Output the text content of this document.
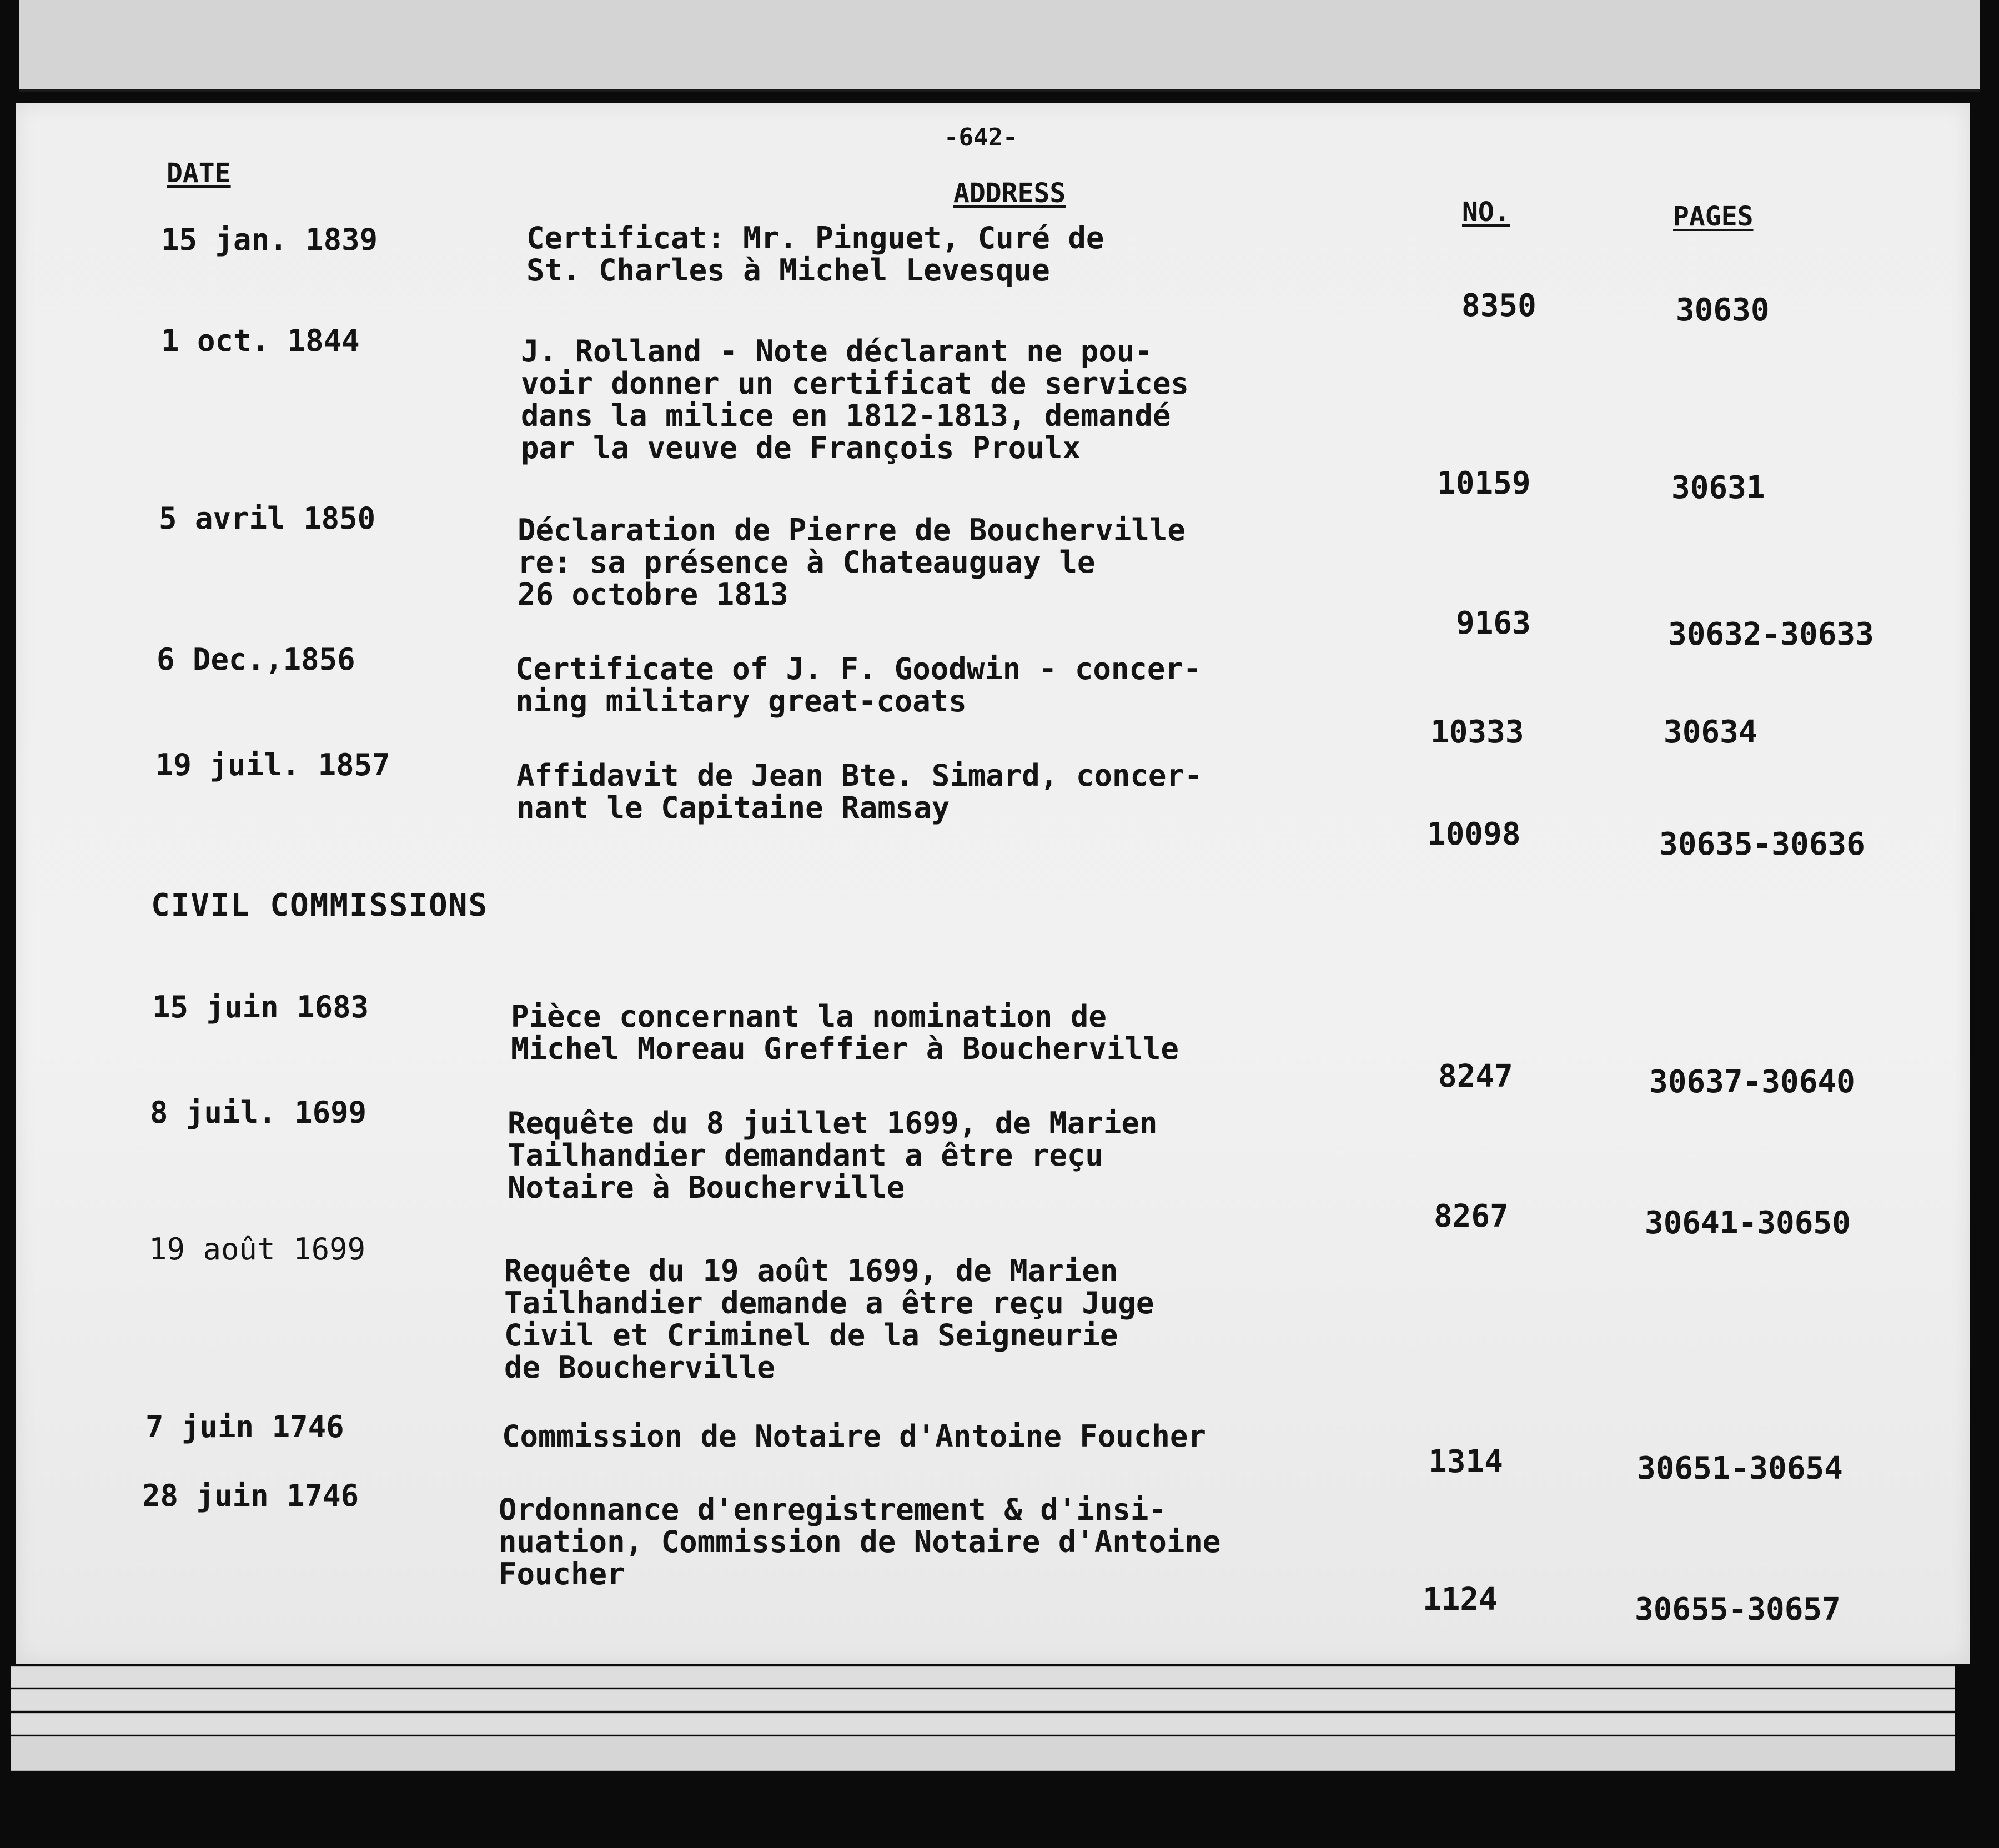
-642-
DATE
ADDRESS
NO.	PAGES
15 jan. 1839	Certificat: Mr. Pinguet, Curé de
St. Charles à Michel Levesque
8350	30630
1 oct. 1844	J. Rolland - Note déclarant ne pou-
voir donner un certificat de services
dans la milice en 1812-1813, demandé
par la veuve de François Proulx
10159	30631
5 avril 1850	Déclaration de Pierre de Boucherville
re: sa présence à Chateauguay le
26 octobre 1813
9163	30632-30633
6 Dec.,1856	Certificate of J. F. Goodwin - concer-
ning military great-coats
10333	30634
19 juil. 1857	Affidavit de Jean Bte. Simard, concer-
nant le Capitaine Ramsay
10098	30635-30636
CIVIL COMMISSIONS
15 juin 1683	Pièce concernant la nomination de
Michel Moreau Greffier à Boucherville
8247	30637-30640
8 juil. 1699	Requête du 8 juillet 1699, de Marien
Tailhandier demandant a être reçu
Notaire à Boucherville
8267	30641-30650
19 août 1699
Requête du 19 août 1699, de Marien
Tailhandier demande a être reçu Juge
Civil et Criminel de la Seigneurie
de Boucherville
7 juin 1746	Commission de Notaire d'Antoine Foucher
1314	30651-30654
28 juin 1746	Ordonnance d'enregistrement & d'insi-
nuation, Commission de Notaire d'Antoine
Foucher
1124	30655-30657
